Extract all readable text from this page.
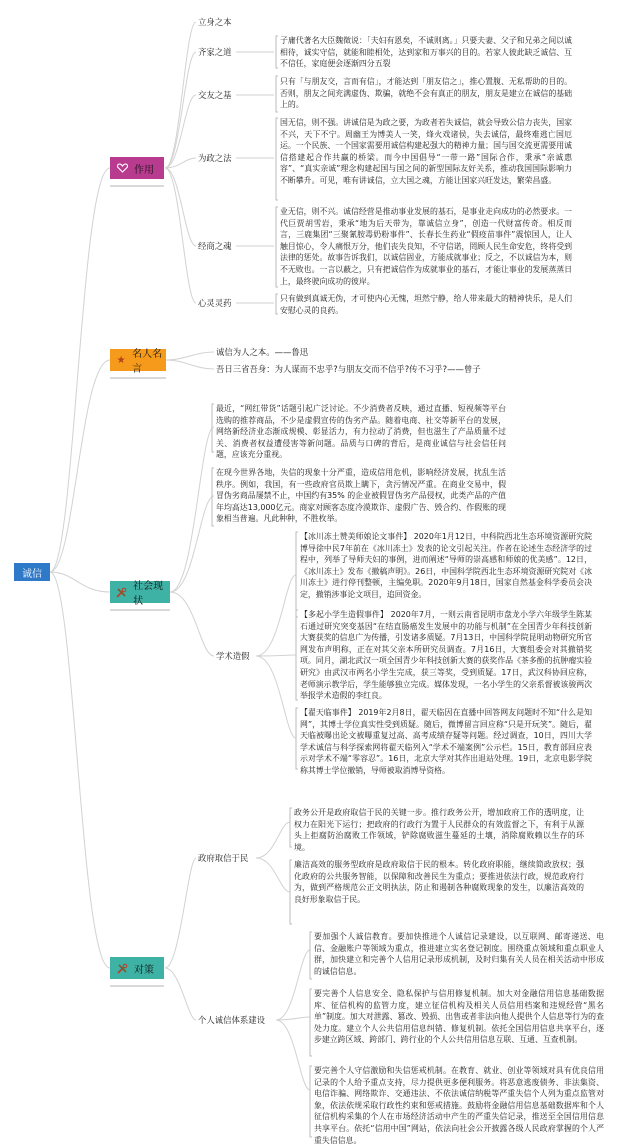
诚信
作用
★ 名人名言
社会现状
对策
立身之本
齐家之道
交友之基
为政之法
经商之魂
心灵灵药
子庸代著名大臣魏徵说：「夫妇有恩矣，不诚则离。」只要夫妻、父子和兄弟之间以诚相待，诚实守信，就能和睦相处，达到家和万事兴的目的。若家人彼此缺乏诚信、互不信任，家庭便会逐渐四分五裂
只有「与朋友交，言而有信」，才能达到「朋友信之」，推心置腹、无私帮助的目的。否则，朋友之间充满虚伪、欺骗，就绝不会有真正的朋友，朋友是建立在诚信的基础上的。
国无信，则不强。讲诚信是为政之要，为政者若失诚信，就会导致公信力丧失，国家不兴，天下不宁。周幽王为博美人一笑，烽火戏诸侯，失去诚信，最终难逃亡国厄运。一个民族、一个国家需要用诚信构建起强大的精神力量；国与国交流更需要用诚信搭建起合作共赢的桥梁。而今中国倡导“一带一路”国际合作，秉承“亲诚惠容”、“真实亲诚”理念构建起国与国之间的新型国际友好关系，推动我国国际影响力不断攀升。可见，唯有讲诚信，立大国之魂，方能让国家兴旺发达，繁荣昌盛。
业无信，则不兴。诚信经营是推动事业发展的基石，是事业走向成功的必然要求。一代巨贾胡雪岩，秉承“地为后天带为，靠诚信立身”，创造一代财富传奇。相反而言，三鹿集团“三聚氰胺毒奶粉事件”、长春长生药业“假疫苗事件”震惊国人，让人触目惊心，令人痛恨万分，他们丧失良知，不守信诺，罔顾人民生命安危，终将受到法律的惩处。故事告诉我们，以诚信固业，方能成就事业；反之，不以诚信为本，则不无败也。一言以蔽之，只有把诚信作为成就事业的基石，才能让事业的发展蒸蒸日上，最终驶向成功的彼岸。
只有做到真诚无伪，才可使内心无愧，坦然宁静，给人带来最大的精神快乐，是人们安慰心灵的良药。
诚信为人之本。——鲁迅
吾日三省吾身：为人谋而不忠乎?与朋友交而不信乎?传不习乎?——曾子
最近，“网红带货”话题引起广泛讨论。不少消费者反映，通过直播、短视频等平台选购的推荐商品，不少是虚假宣传的伪劣产品。随着电商、社交等新平台的发展，网络新经济业态渐成规模、彰显活力，有力拉动了消费，但也滋生了产品质量不过关、消费者权益遭侵害等新问题。品质与口碑的背后，是商业诚信与社会信任问题，应该充分重视。
在现今世界各地，失信的现象十分严重，造成信用危机，影响经济发展，扰乱生活秩序。例如，我国，有一些政府官员欺上瞒下，贪污情况严重。在商业交易中，假冒伪劣商品屡禁不止，中国约有35% 的企业被假冒伪劣产品侵权，此类产品的产值年均高达13,000亿元。商家对顾客态度冷漠欺诈、虚假广告、毁合约、作假账的现象相当普遍。凡此种种，不胜枚举。
学术造假
【冰川冻土赞美师娘论文事件】 2020年1月12日，中科院西北生态环境资源研究院博导徐中民7年前在《冰川冻土》发表的论文引起关注。作者在论述生态经济学的过程中，列举了导师夫妇的事例，进而阐述“导师的崇高感和师娘的优美感”。12日，《冰川冻土》发布《撤稿声明》。26日，中国科学院西北生态环境资源研究院对《冰川冻土》进行停刊整顿，主编免职。2020年9月18日，国家自然基金科学委员会决定，撤销涉事论文项目，追回资金。
【多起小学生造假事件】 2020年7月，一则云南省昆明市盘龙小学六年级学生陈某石通过研究突变基因“在结直肠癌发生发展中的功能与机制”在全国青少年科技创新大赛获奖的信息广为传播，引发诸多质疑。7月13日，中国科学院昆明动物研究所官网发布声明称，正在对其父亲本所研究员调查。7月16日，大赛组委会对其撤销奖项。同月，湖北武汉一项全国青少年科技创新大赛的获奖作品《茶多酚的抗肿瘤实验研究》由武汉市两名小学生完成，获三等奖，受到质疑。17日，武汉科协回应称，老师演示教学后，学生能够独立完成。媒体发现，一名小学生的父亲系督被该骏两次举报学术造假的李红良。
【翟天临事件】 2019年2月8日，翟天临因在直播中回答网友问题时不知“什么是知网”，其博士学位真实性受到质疑。随后，微博留言回应称“只是开玩笑”。随后，翟天临被曝出论文被曝重复过高、高考成绩存疑等问题。经过调查，10日，四川大学学术诚信与科学探索网将翟天临列入“学术不端案例”公示栏。15日，教育部回应表示对学术不端“零容忍”。16日，北京大学对其作出退站处理。19日，北京电影学院称其博士学位撤销，导师被取消博导资格。
政府取信于民
政务公开是政府取信于民的关键一步。推行政务公开，增加政府工作的透明度，让权力在阳光下运行；把政府的行政行为置于人民群众的有效监督之下，有利于从源头上拒腐防治腐败工作领域，铲除腐败滋生蔓延的土壤，消除腐败赖以生存的环境。
廉洁高效的服务型政府是政府取信于民的根本。转化政府职能，继续简政放权；强化政府的公共服务智能，以保障和改善民生为重点；要推进依法行政，规范政府行为，做到严格规范公正文明执法，防止和遏制各种腐败现象的发生，以廉洁高效的良好形象取信于民。
个人诚信体系建设
要加强个人诚信教育。要加快推进个人诚信记录建设，以互联网、邮寄递送、电信、金融账户等领域为重点，推进建立实名登记制度。围绕重点领域和重点职业人群，加快建立和完善个人信用记录形成机制，及时归集有关人员在相关活动中形成的诚信信息。
要完善个人信息安全、隐私保护与信用修复机制。加大对金融信用信息基础数据库、征信机构的监管力度，建立征信机构及相关人员信用档案和违规经营“黑名单”制度。加大对泄露、篡改、毁损、出售或者非法向他人提供个人信息等行为的查处力度。建立个人公共信用信息纠错、修复机制。依托全国信用信息共享平台，逐步建立跨区域、跨部门、跨行业的个人公共信用信息互联、互通、互查机制。
要完善个人守信激励和失信惩戒机制。在教育、就业、创业等领域对具有优良信用记录的个人给予重点支持，尽力提供更多便利服务。将恶意逃废债务、非法集资、电信诈骗、网络欺诈、交通违法、不依法诚信纳税等严重失信个人列为重点监管对象，依法依规采取行政性约束和惩戒措施。鼓励将金融信用信息基础数据库和个人征信机构采集的个人在市场经济活动中产生的严重失信记录，推送至全国信用信息共享平台。依托“信用中国”网站，依法向社会公开披露各级人民政府掌握的个人严重失信信息。
